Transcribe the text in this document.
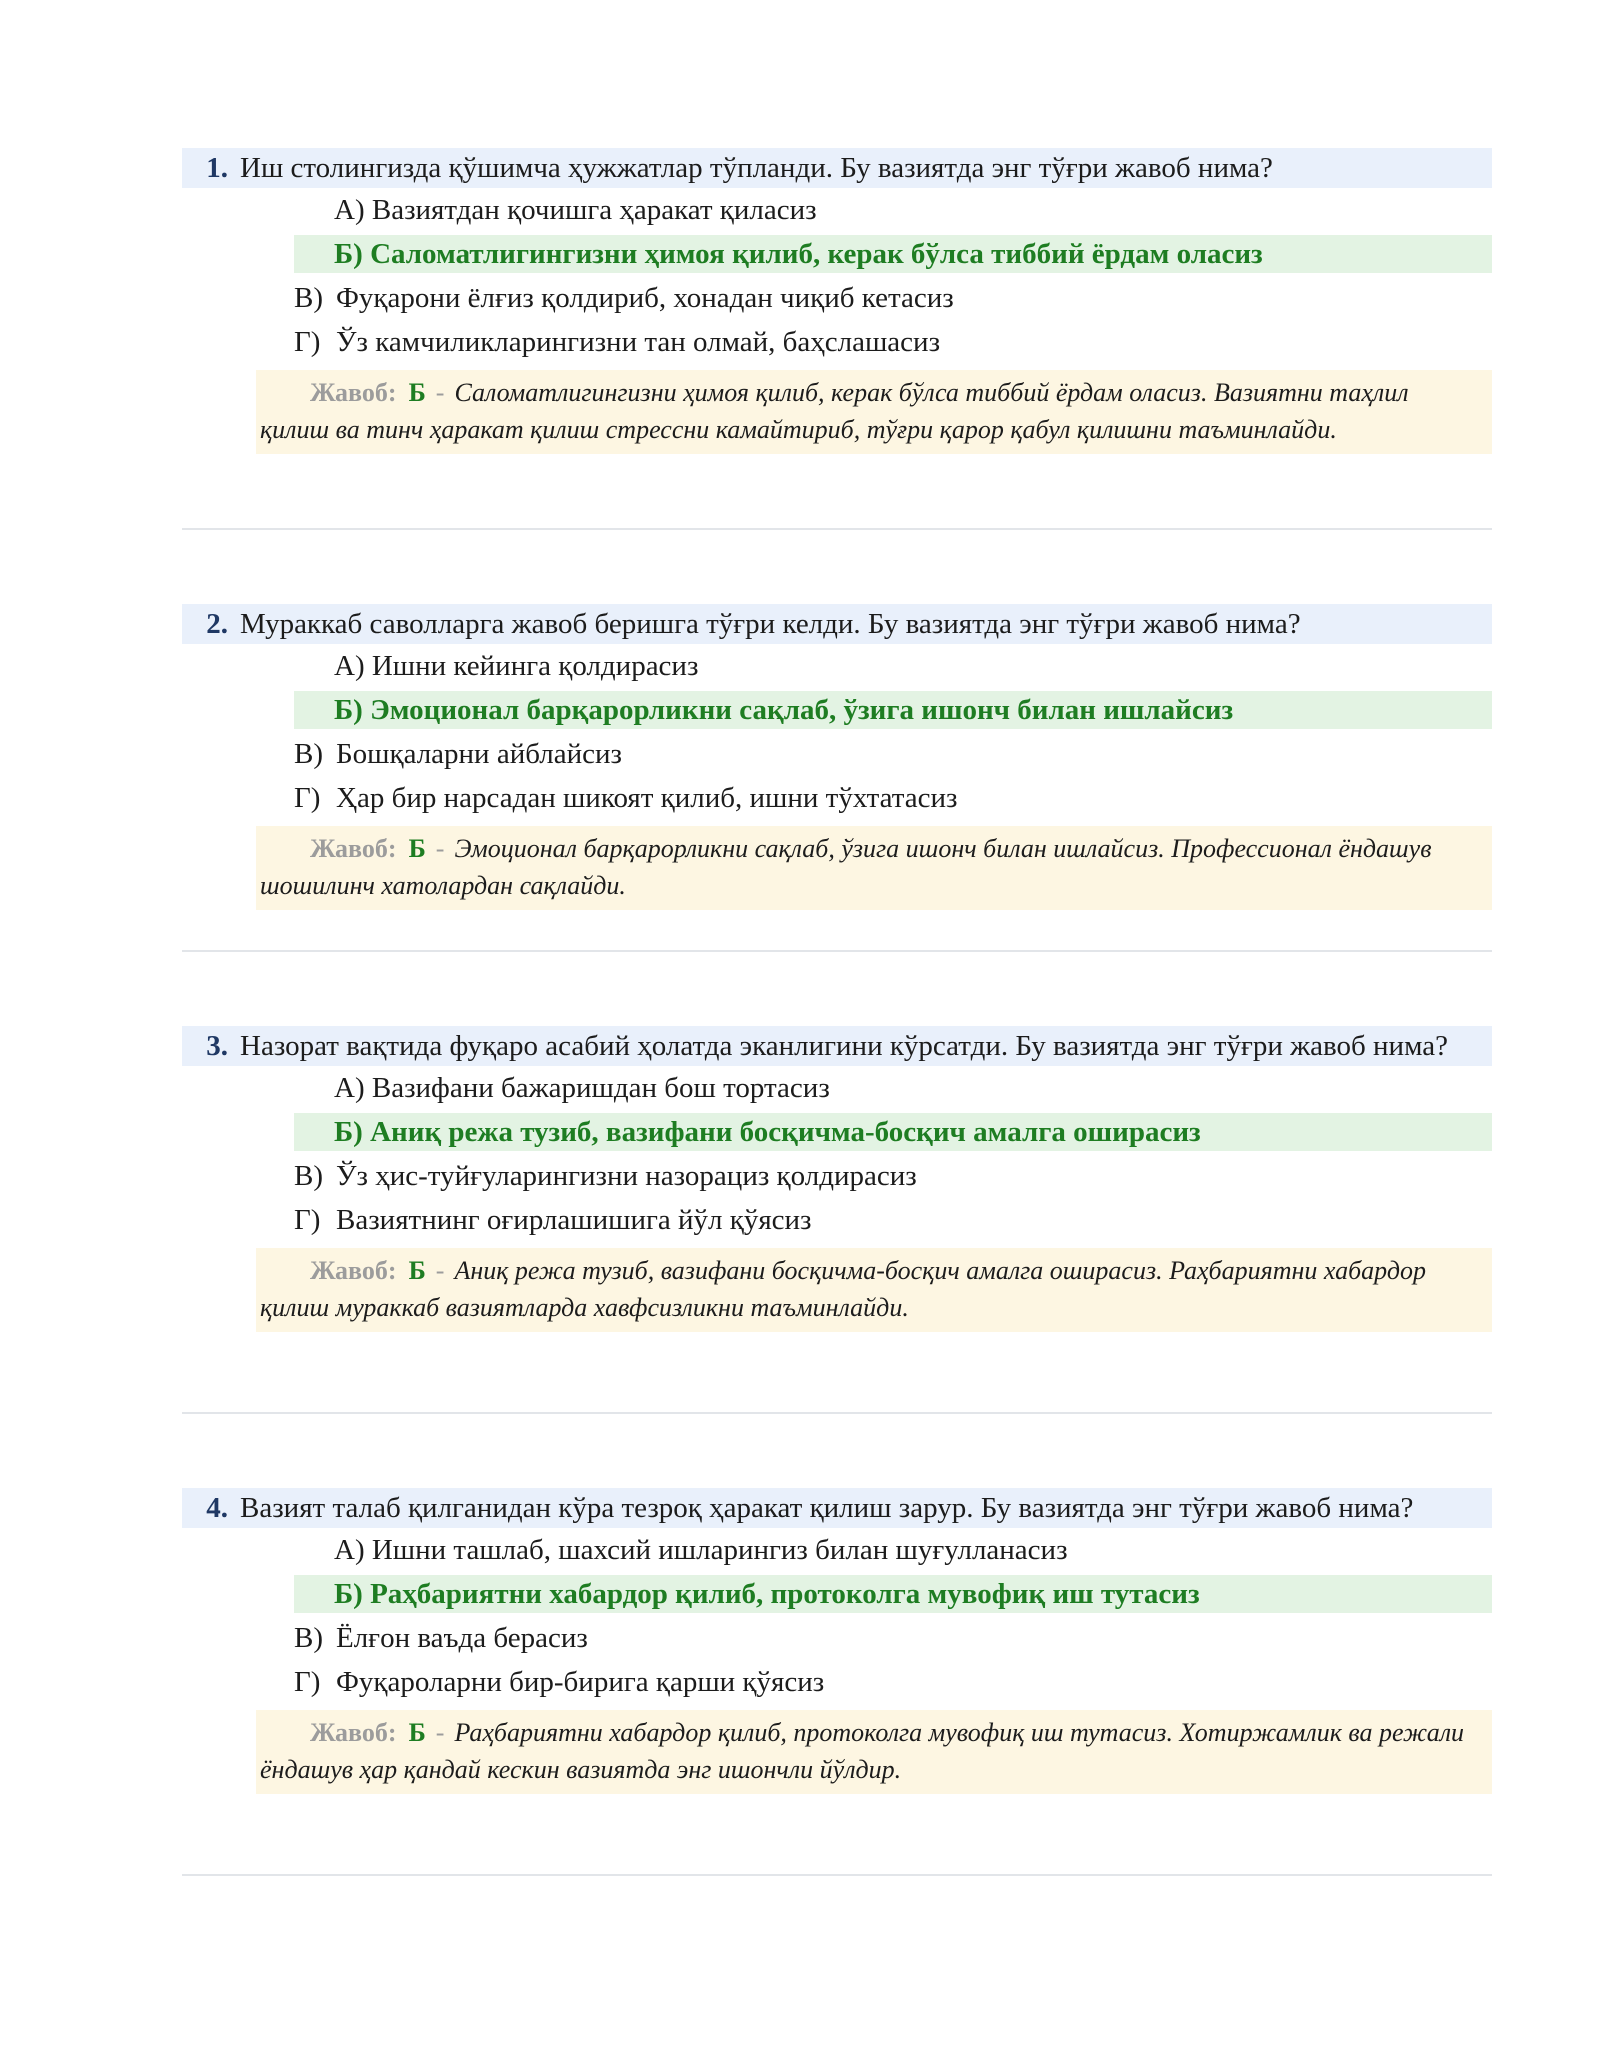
1. Иш столингизда қўшимча ҳужжатлар тўпланди. Бу вазиятда энг тўғри жавоб нима?
А) Вазиятдан қочишга ҳаракат қиласиз
Б) Саломатлигингизни ҳимоя қилиб, керак бўлса тиббий ёрдам оласиз
В) Фуқарони ёлғиз қолдириб, хонадан чиқиб кетасиз
Г) Ўз камчиликларингизни тан олмай, баҳслашасиз
Жавоб: Б - Саломатлигингизни ҳимоя қилиб, керак бўлса тиббий ёрдам оласиз. Вазиятни таҳлил қилиш ва тинч ҳаракат қилиш стрессни камайтириб, тўғри қарор қабул қилишни таъминлайди.
2. Мураккаб саволларга жавоб беришга тўғри келди. Бу вазиятда энг тўғри жавоб нима?
А) Ишни кейинга қолдирасиз
Б) Эмоционал барқарорликни сақлаб, ўзига ишонч билан ишлайсиз
В) Бошқаларни айблайсиз
Г) Ҳар бир нарсадан шикоят қилиб, ишни тўхтатасиз
Жавоб: Б - Эмоционал барқарорликни сақлаб, ўзига ишонч билан ишлайсиз. Профессионал ёндашув шошилинч хатолардан сақлайди.
3. Назорат вақтида фуқаро асабий ҳолатда эканлигини кўрсатди. Бу вазиятда энг тўғри жавоб нима?
А) Вазифани бажаришдан бош тортасиз
Б) Аниқ режа тузиб, вазифани босқичма-босқич амалга оширасиз
В) Ўз ҳис-туйғуларингизни назорациз қолдирасиз
Г) Вазиятнинг оғирлашишига йўл қўясиз
Жавоб: Б - Аниқ режа тузиб, вазифани босқичма-босқич амалга оширасиз. Раҳбариятни хабардор қилиш мураккаб вазиятларда хавфсизликни таъминлайди.
4. Вазият талаб қилганидан кўра тезроқ ҳаракат қилиш зарур. Бу вазиятда энг тўғри жавоб нима?
А) Ишни ташлаб, шахсий ишларингиз билан шуғулланасиз
Б) Раҳбариятни хабардор қилиб, протоколга мувофиқ иш тутасиз
В) Ёлғон ваъда берасиз
Г) Фуқароларни бир-бирига қарши қўясиз
Жавоб: Б - Раҳбариятни хабардор қилиб, протоколга мувофиқ иш тутасиз. Хотиржамлик ва режали ёндашув ҳар қандай кескин вазиятда энг ишончли йўлдир.
